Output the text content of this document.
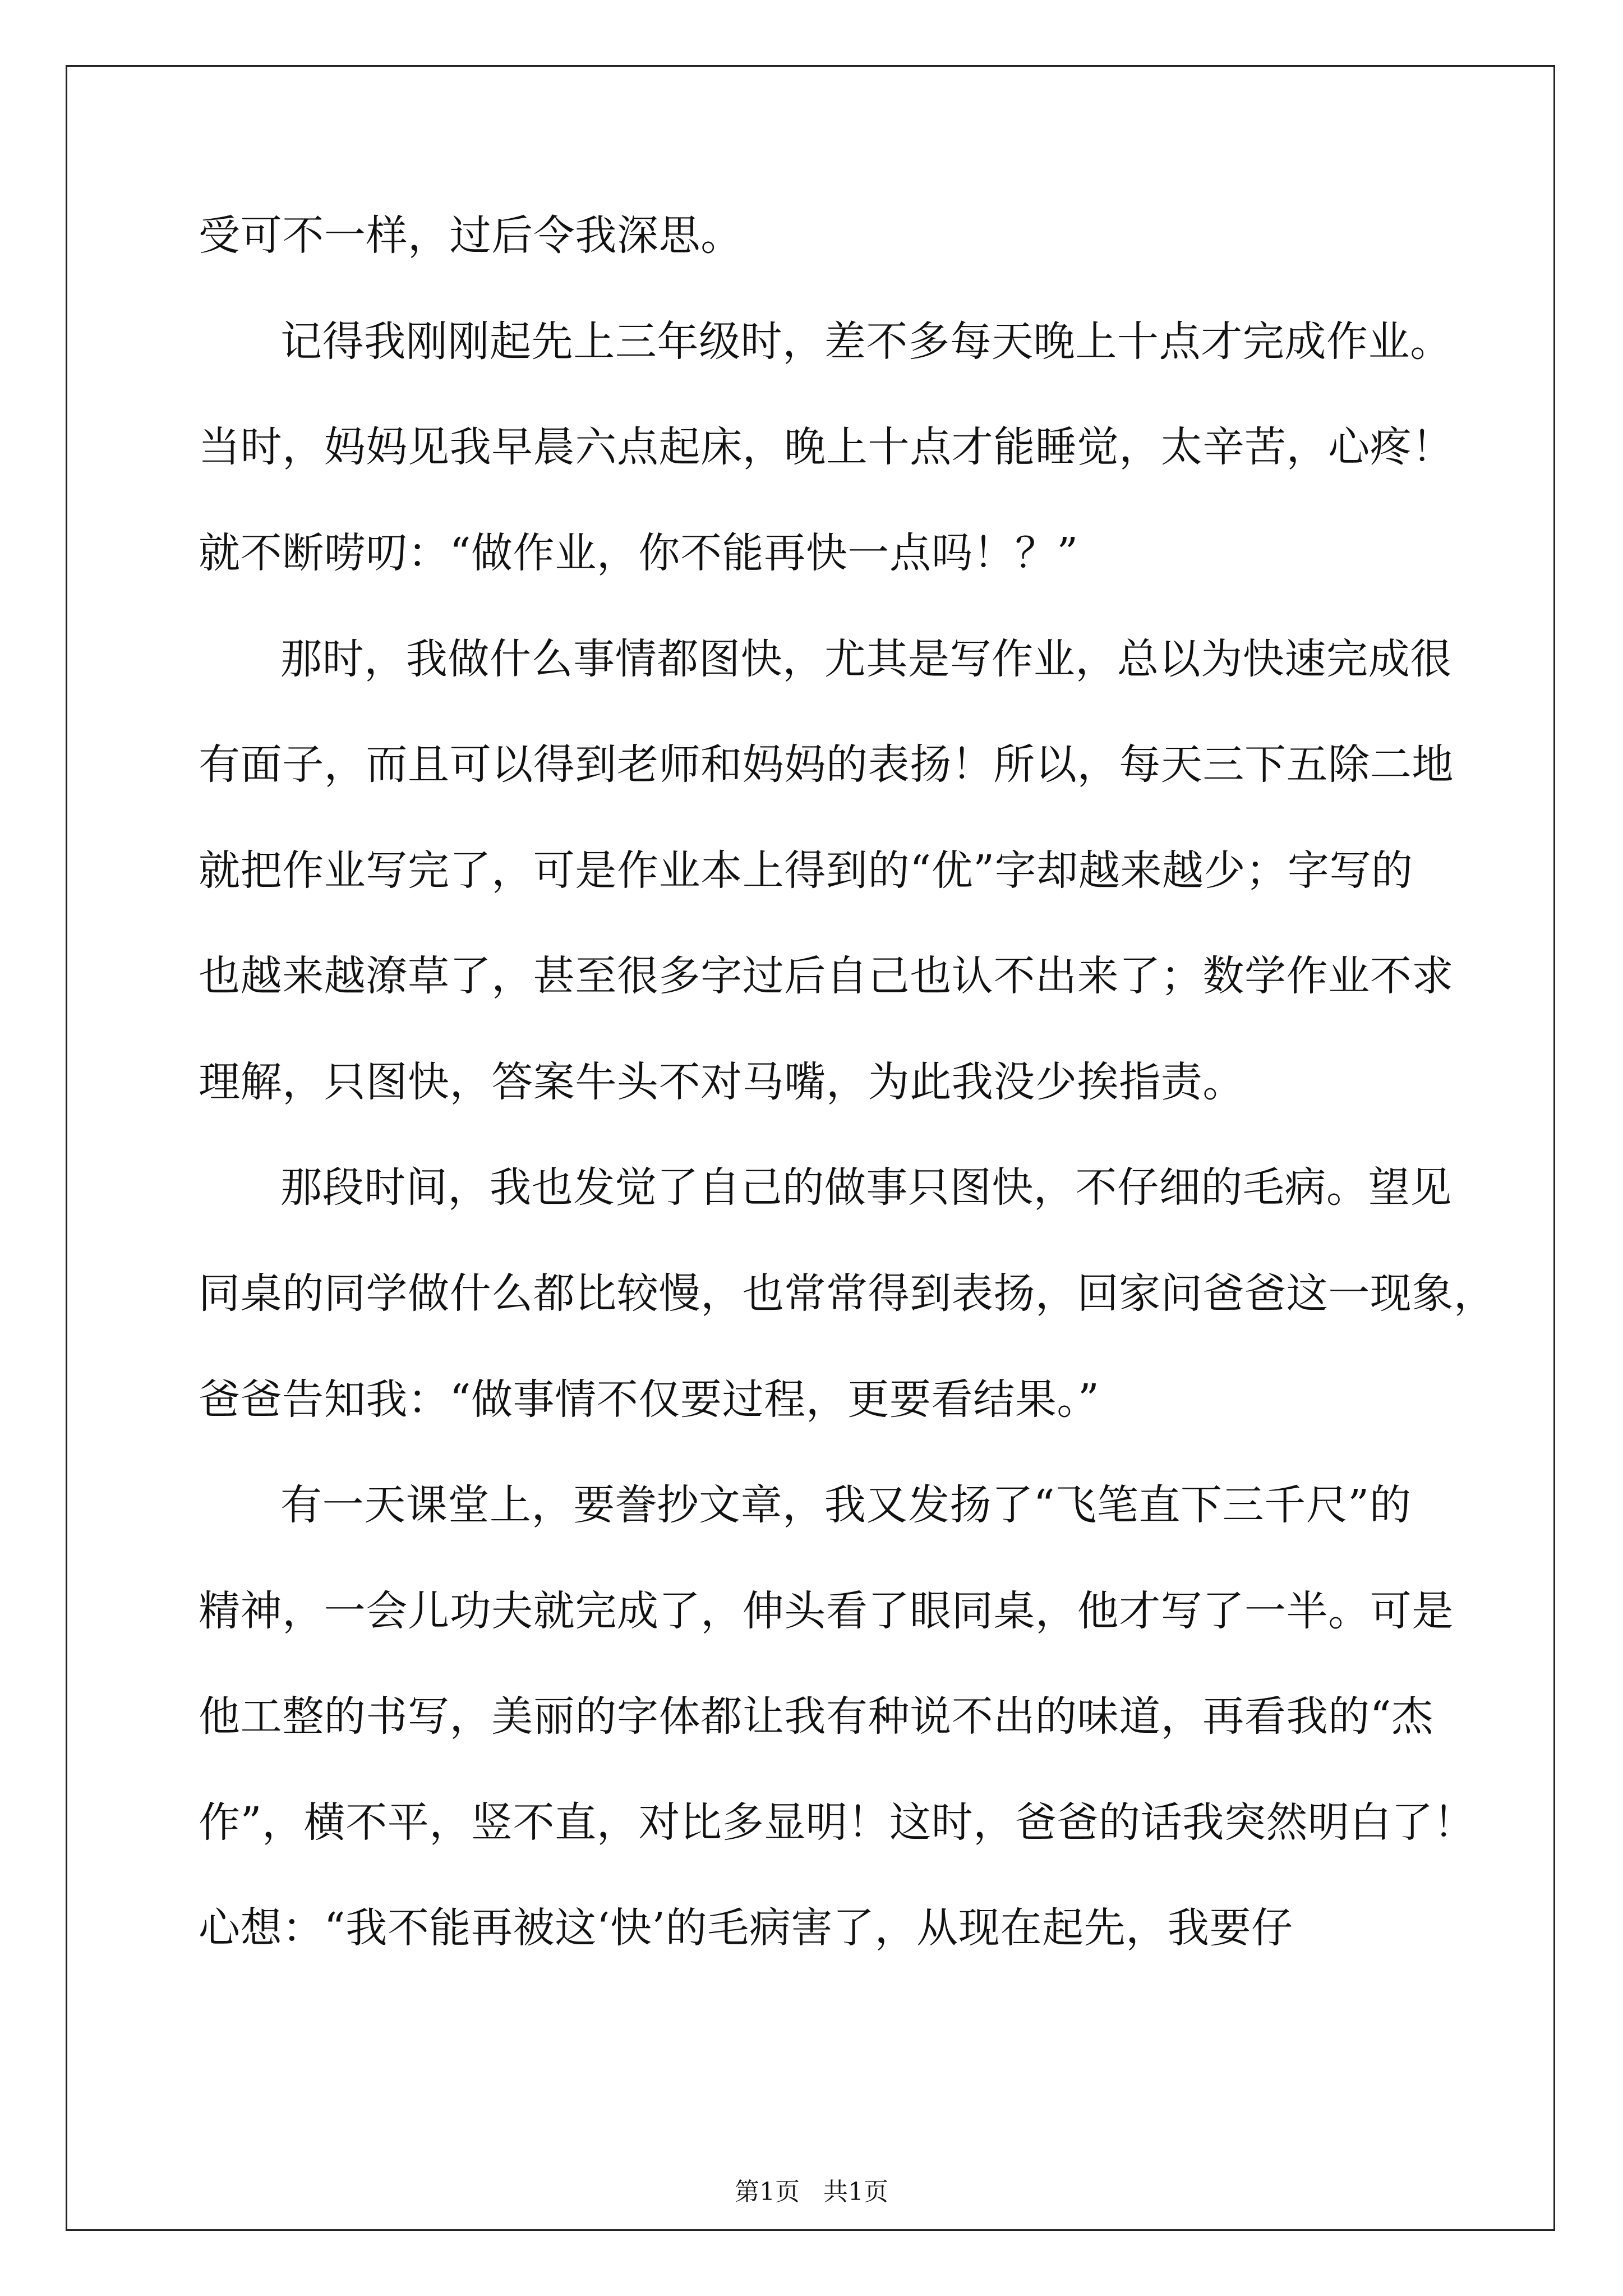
受可不一样，过后令我深思。
记得我刚刚起先上三年级时，差不多每天晚上十点才完成作业。
当时，妈妈见我早晨六点起床，晚上十点才能睡觉，太辛苦，心疼！
就不断唠叨：“做作业，你不能再快一点吗！？”
那时，我做什么事情都图快，尤其是写作业，总以为快速完成很
有面子，而且可以得到老师和妈妈的表扬！所以，每天三下五除二地
就把作业写完了，可是作业本上得到的“优”字却越来越少；字写的
也越来越潦草了，甚至很多字过后自己也认不出来了；数学作业不求
理解，只图快，答案牛头不对马嘴，为此我没少挨指责。
那段时间，我也发觉了自己的做事只图快，不仔细的毛病。望见
同桌的同学做什么都比较慢，也常常得到表扬，回家问爸爸这一现象，
爸爸告知我：“做事情不仅要过程，更要看结果。”
有一天课堂上，要誊抄文章，我又发扬了“飞笔直下三千尺”的
精神，一会儿功夫就完成了，伸头看了眼同桌，他才写了一半。可是
他工整的书写，美丽的字体都让我有种说不出的味道，再看我的“杰
作”，横不平，竖不直，对比多显明！这时，爸爸的话我突然明白了！
心想：“我不能再被这‘快’的毛病害了，从现在起先，我要仔
第1页   共1页
